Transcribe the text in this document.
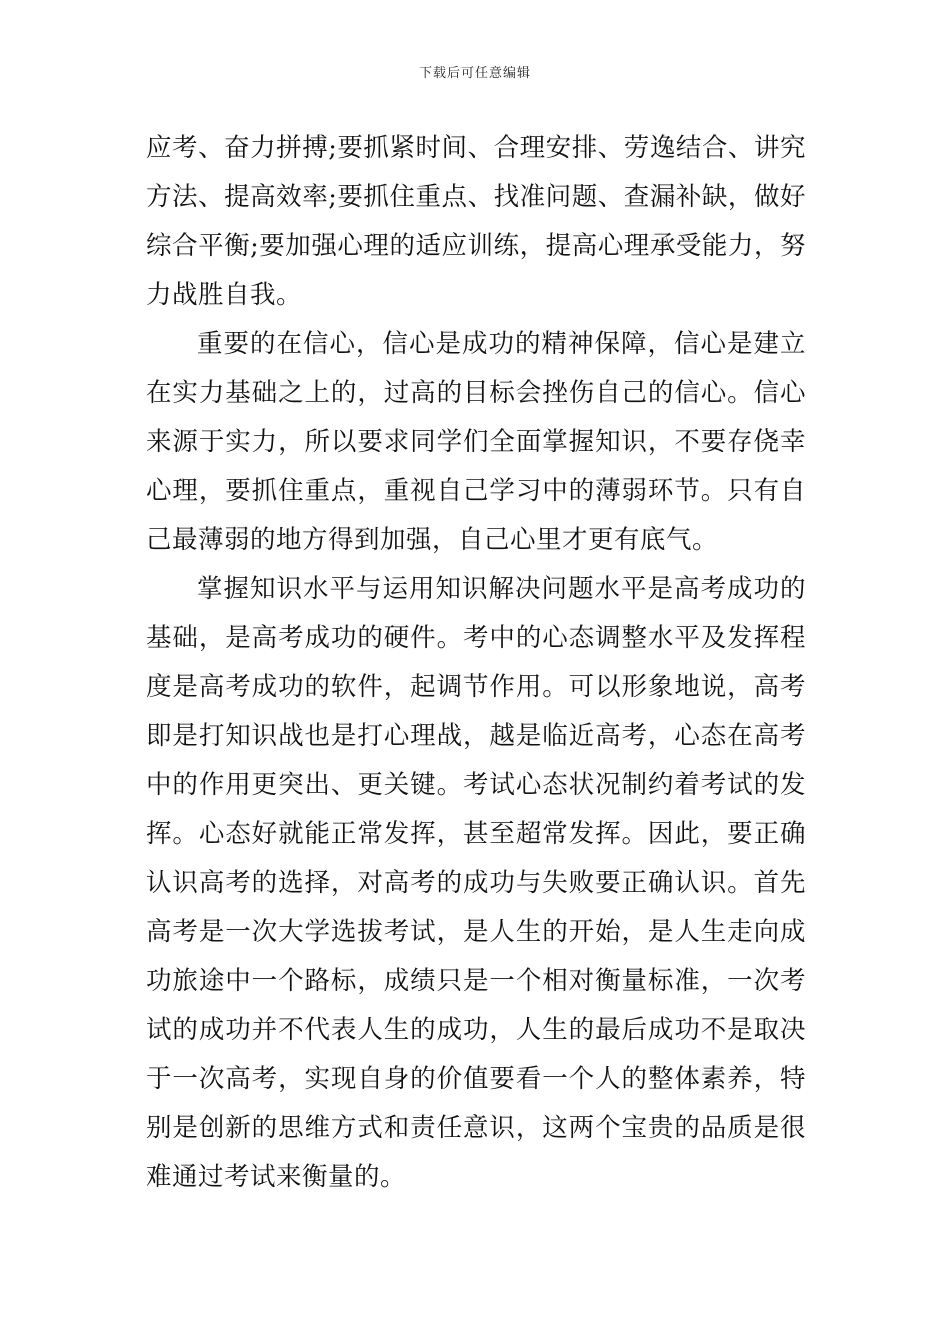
下载后可任意编辑

应考、奋力拼搏;要抓紧时间、合理安排、劳逸结合、讲究方法、提高效率;要抓住重点、找准问题、查漏补缺，做好综合平衡;要加强心理的适应训练，提高心理承受能力，努力战胜自我。

重要的在信心，信心是成功的精神保障，信心是建立在实力基础之上的，过高的目标会挫伤自己的信心。信心来源于实力，所以要求同学们全面掌握知识，不要存侥幸心理，要抓住重点，重视自己学习中的薄弱环节。只有自己最薄弱的地方得到加强，自己心里才更有底气。

掌握知识水平与运用知识解决问题水平是高考成功的基础，是高考成功的硬件。考中的心态调整水平及发挥程度是高考成功的软件，起调节作用。可以形象地说，高考即是打知识战也是打心理战，越是临近高考，心态在高考中的作用更突出、更关键。考试心态状况制约着考试的发挥。心态好就能正常发挥，甚至超常发挥。因此，要正确认识高考的选择，对高考的成功与失败要正确认识。首先高考是一次大学选拔考试，是人生的开始，是人生走向成功旅途中一个路标，成绩只是一个相对衡量标准，一次考试的成功并不代表人生的成功，人生的最后成功不是取决于一次高考，实现自身的价值要看一个人的整体素养，特别是创新的思维方式和责任意识，这两个宝贵的品质是很难通过考试来衡量的。
